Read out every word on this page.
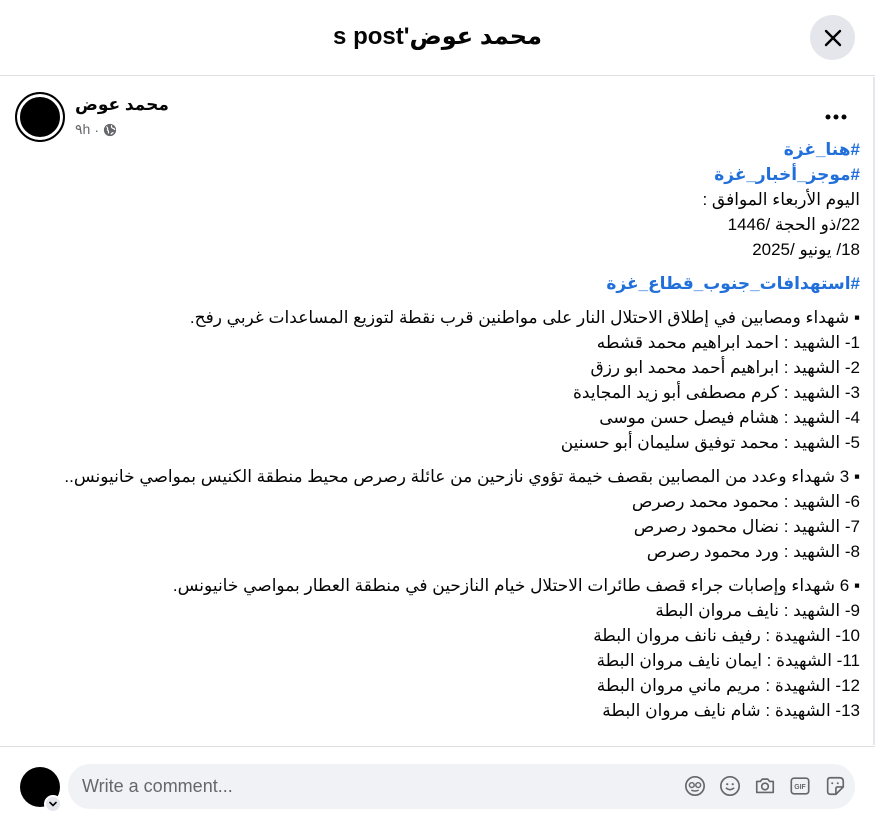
محمد عوض's post
محمد عوض
٩h ·
#هنا_غزة
#موجز_أخبار_غزة
اليوم الأربعاء الموافق :
22/ذو الحجة /1446
18/ يونيو /2025
#استهدافات_جنوب_قطاع_غزة
▪︎ شهداء ومصابين في إطلاق الاحتلال النار على مواطنين قرب نقطة لتوزيع المساعدات غربي رفح.
1- الشهيد : احمد ابراهيم محمد قشطه
2- الشهيد : ابراهيم أحمد محمد ابو رزق
3- الشهيد : كرم مصطفى أبو زيد المجايدة
4- الشهيد : هشام فيصل حسن موسى
5- الشهيد : محمد توفيق سليمان أبو حسنين
▪︎ 3 شهداء وعدد من المصابين بقصف خيمة تؤوي نازحين من عائلة رصرص محيط منطقة الكنيس بمواصي خانيونس..
6- الشهيد : محمود محمد رصرص
7- الشهيد : نضال محمود رصرص
8- الشهيد : ورد محمود رصرص
▪︎ 6 شهداء وإصابات جراء قصف طائرات الاحتلال خيام النازحين في منطقة العطار بمواصي خانيونس.
9- الشهيد : نايف مروان البطة
10- الشهيدة : رفيف نانف مروان البطة
11- الشهيدة : ايمان نايف مروان البطة
12- الشهيدة : مريم ماني مروان البطة
13- الشهيدة : شام نايف مروان البطة
Write a comment...
GIF
